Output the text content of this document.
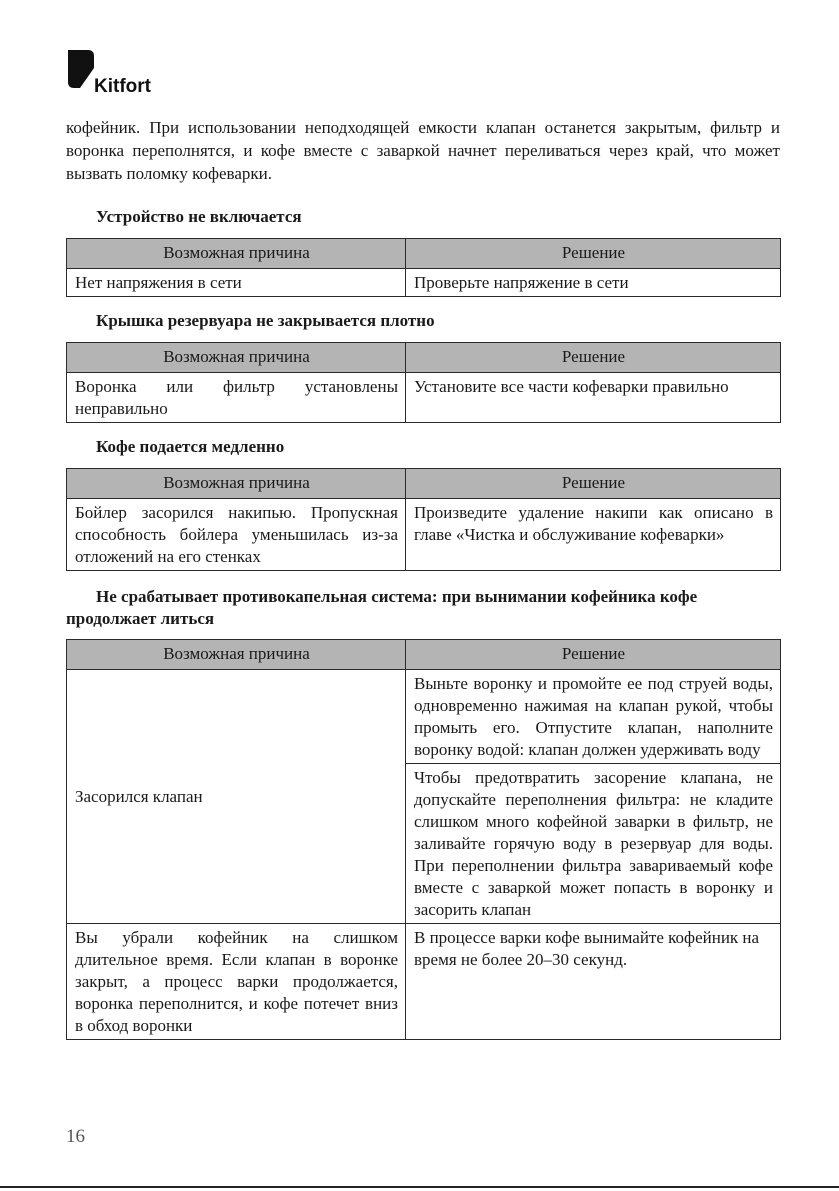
Kitfort

кофейник. При использовании неподходящей емкости клапан останется закрытым, фильтр и воронка переполнятся, и кофе вместе с заваркой начнет переливаться через край, что может вызвать поломку кофеварки.

Устройство не включается

Возможная причина	Решение
Нет напряжения в сети	Проверьте напряжение в сети

Крышка резервуара не закрывается плотно

Возможная причина	Решение
Воронка или фильтр установлены неправильно	Установите все части кофеварки правильно

Кофе подается медленно

Возможная причина	Решение
Бойлер засорился накипью. Пропускная способность бойлера уменьшилась из-за отложений на его стенках	Произведите удаление накипи как описано в главе «Чистка и обслуживание кофеварки»

Не срабатывает противокапельная система: при вынимании кофейника кофе продолжает литься

Возможная причина	Решение
Засорился клапан	Выньте воронку и промойте ее под струей воды, одновременно нажимая на клапан рукой, чтобы промыть его. Отпустите клапан, наполните воронку водой: клапан должен удерживать воду
	Чтобы предотвратить засорение клапана, не допускайте переполнения фильтра: не кладите слишком много кофейной заварки в фильтр, не заливайте горячую воду в резервуар для воды. При переполнении фильтра завариваемый кофе вместе с заваркой может попасть в воронку и засорить клапан
Вы убрали кофейник на слишком длительное время. Если клапан в воронке закрыт, а процесс варки продолжается, воронка переполнится, и кофе потечет вниз в обход воронки	В процессе варки кофе вынимайте кофейник на время не более 20–30 секунд.
16
